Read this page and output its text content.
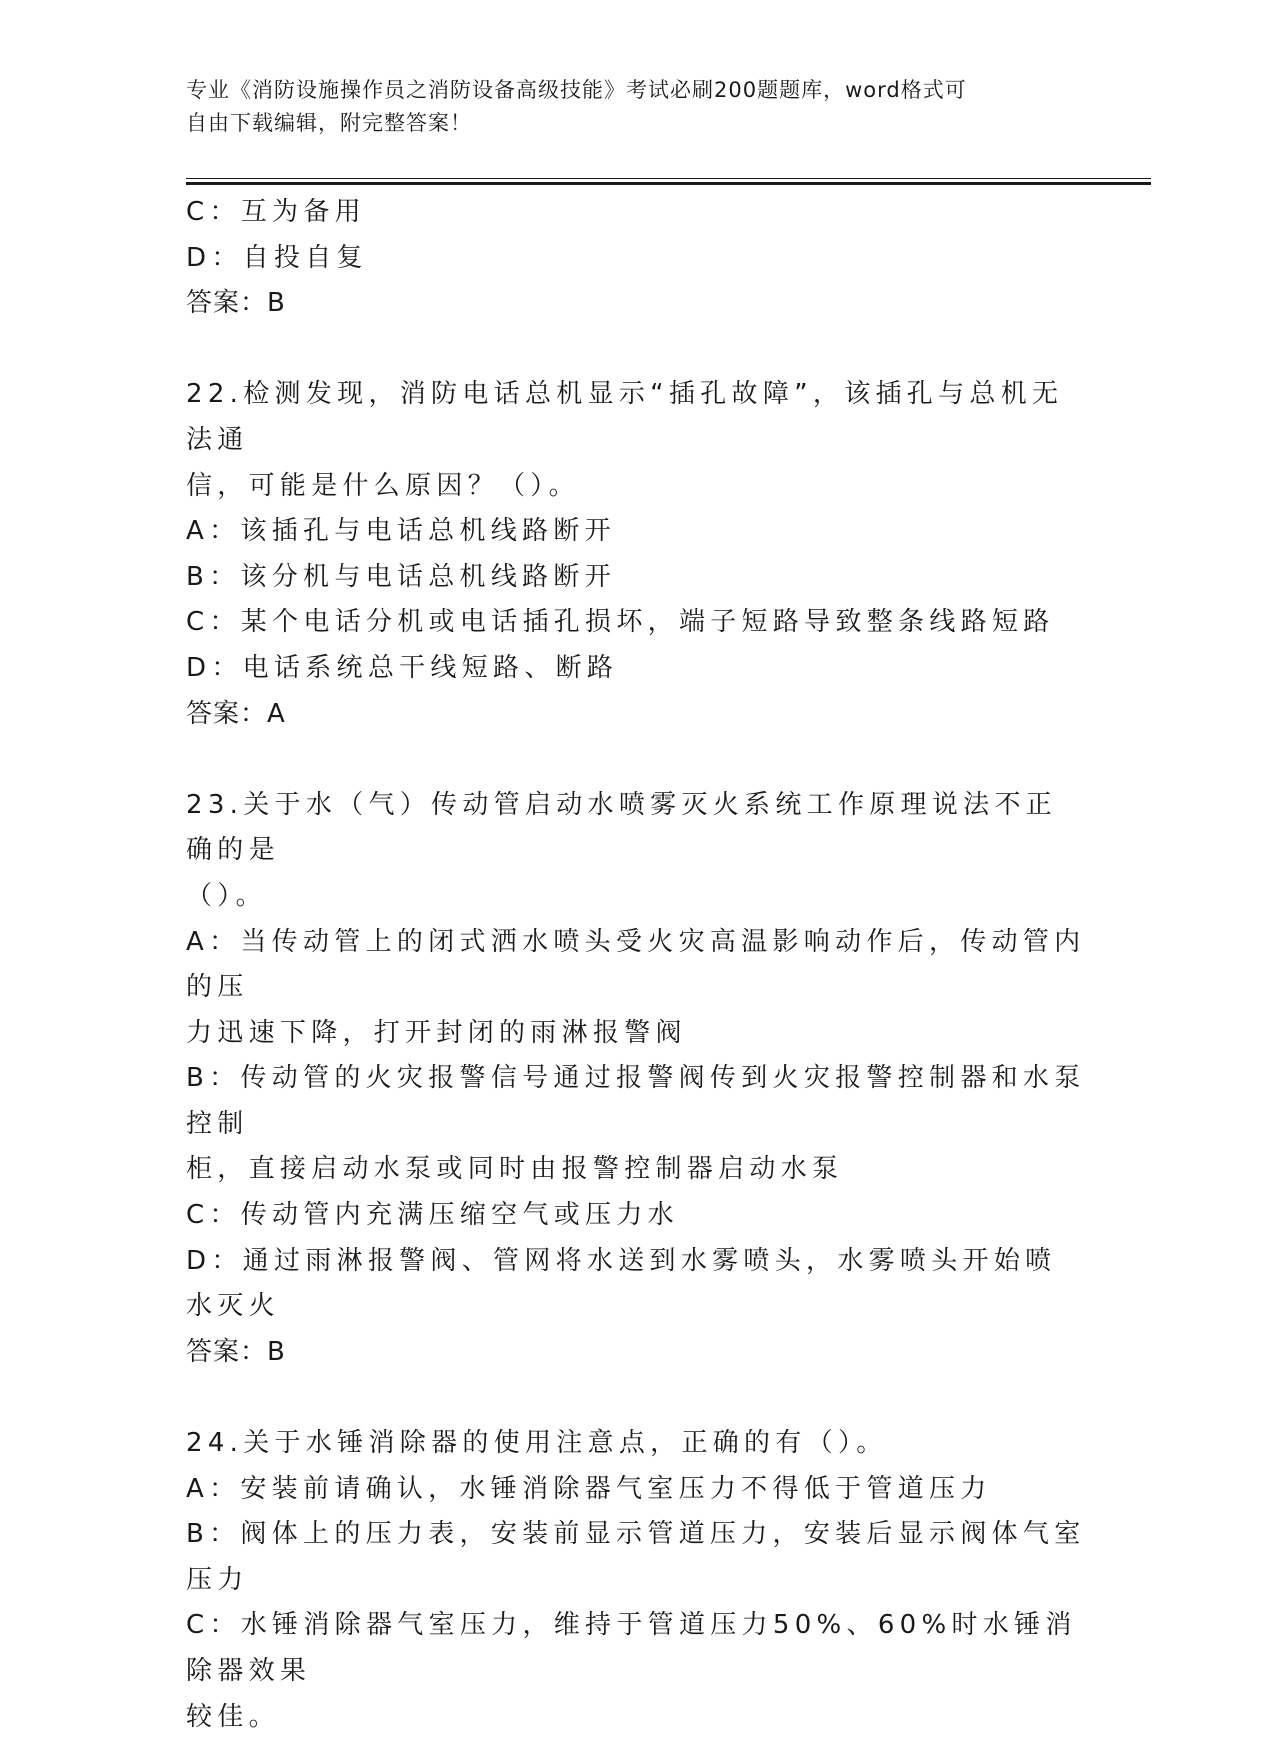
专业《消防设施操作员之消防设备高级技能》考试必刷200题题库，word格式可
自由下载编辑，附完整答案！
C：互为备用
D：自投自复
答案：B
22.检测发现，消防电话总机显示“插孔故障”，该插孔与总机无法通
信，可能是什么原因？（）。
A：该插孔与电话总机线路断开
B：该分机与电话总机线路断开
C：某个电话分机或电话插孔损坏，端子短路导致整条线路短路
D：电话系统总干线短路、断路
答案：A
23.关于水（气）传动管启动水喷雾灭火系统工作原理说法不正确的是
（）。
A：当传动管上的闭式洒水喷头受火灾高温影响动作后，传动管内的压
力迅速下降，打开封闭的雨淋报警阀
B：传动管的火灾报警信号通过报警阀传到火灾报警控制器和水泵控制
柜，直接启动水泵或同时由报警控制器启动水泵
C：传动管内充满压缩空气或压力水
D：通过雨淋报警阀、管网将水送到水雾喷头，水雾喷头开始喷水灭火
答案：B
24.关于水锤消除器的使用注意点，正确的有（）。
A：安装前请确认，水锤消除器气室压力不得低于管道压力
B：阀体上的压力表，安装前显示管道压力，安装后显示阀体气室压力
C：水锤消除器气室压力，维持于管道压力50%、60%时水锤消除器效果
较佳。
